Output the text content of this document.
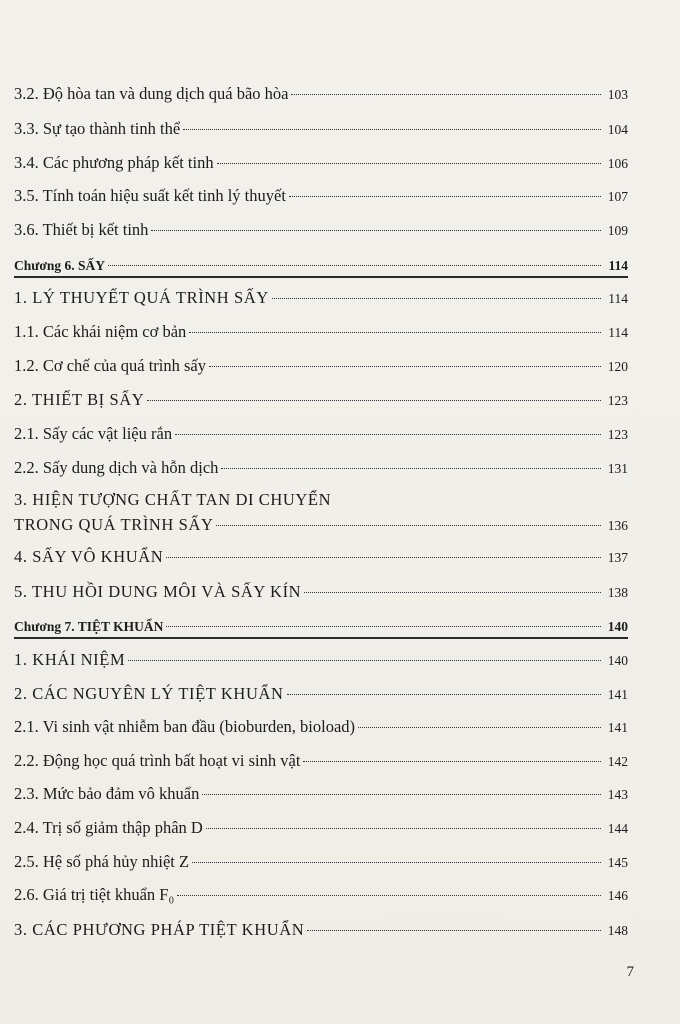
3.2. Độ hòa tan và dung dịch quá bão hòa	103
3.3. Sự tạo thành tinh thể	104
3.4. Các phương pháp kết tinh	106
3.5. Tính toán hiệu suất kết tinh lý thuyết	107
3.6. Thiết bị kết tinh	109
Chương 6. SẤY	114
1. LÝ THUYẾT QUÁ TRÌNH SẤY	114
1.1. Các khái niệm cơ bản	114
1.2. Cơ chế của quá trình sấy	120
2. THIẾT BỊ SẤY	123
2.1. Sấy các vật liệu rắn	123
2.2. Sấy dung dịch và hỗn dịch	131
3. HIỆN TƯỢNG CHẤT TAN DI CHUYỂN
TRONG QUÁ TRÌNH SẤY	136
4. SẤY VÔ KHUẨN	137
5. THU HỒI DUNG MÔI VÀ SẤY KÍN	138
Chương 7. TIỆT KHUẨN	140
1. KHÁI NIỆM	140
2. CÁC NGUYÊN LÝ TIỆT KHUẨN	141
2.1. Vi sinh vật nhiễm ban đầu (bioburden, bioload)	141
2.2. Động học quá trình bất hoạt vi sinh vật	142
2.3. Mức bảo đảm vô khuẩn	143
2.4. Trị số giảm thập phân D	144
2.5. Hệ số phá hủy nhiệt Z	145
2.6. Giá trị tiệt khuẩn F₀	146
3. CÁC PHƯƠNG PHÁP TIỆT KHUẨN	148
7
